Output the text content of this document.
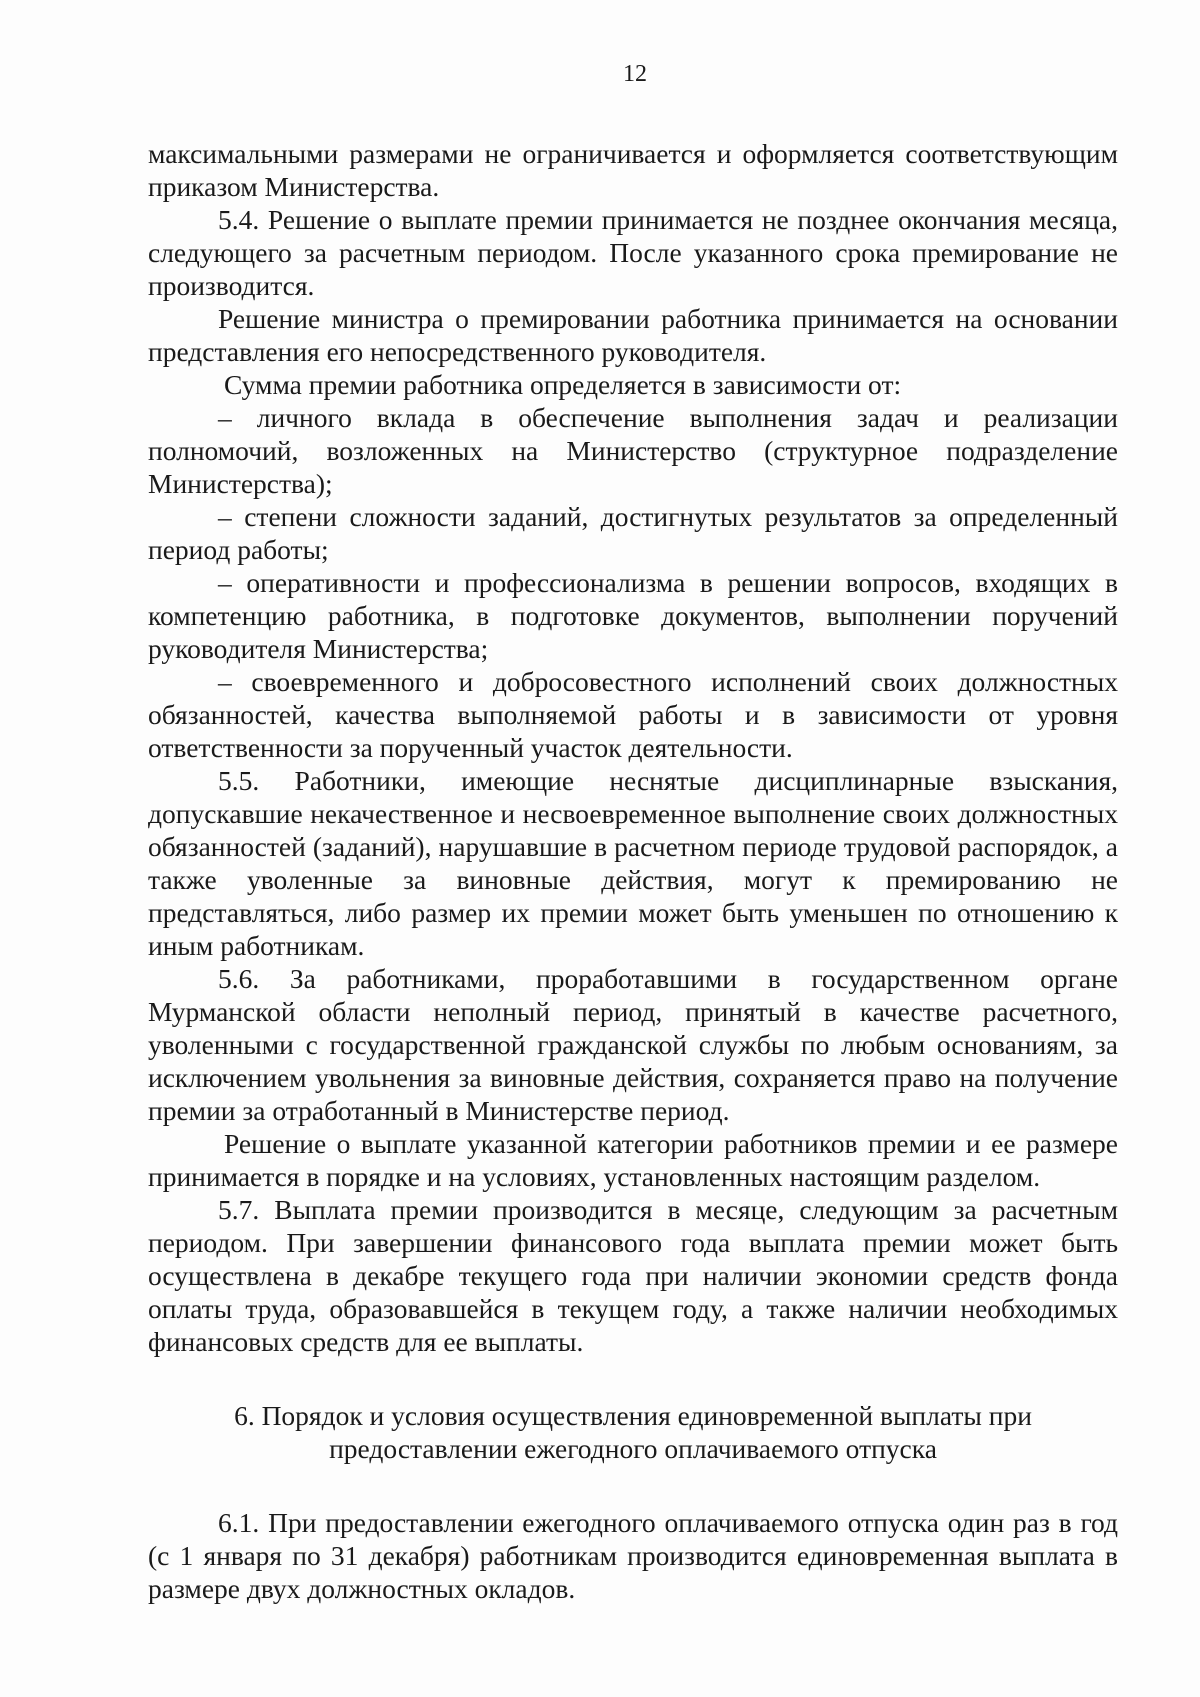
12

максимальными размерами не ограничивается и оформляется соответствующим приказом Министерства.

5.4. Решение о выплате премии принимается не позднее окончания месяца, следующего за расчетным периодом. После указанного срока премирование не производится.

Решение министра о премировании работника принимается на основании представления его непосредственного руководителя.

Сумма премии работника определяется в зависимости от:

– личного вклада в обеспечение выполнения задач и реализации полномочий, возложенных на Министерство (структурное подразделение Министерства);

– степени сложности заданий, достигнутых результатов за определенный период работы;

– оперативности и профессионализма в решении вопросов, входящих в компетенцию работника, в подготовке документов, выполнении поручений руководителя Министерства;

– своевременного и добросовестного исполнений своих должностных обязанностей, качества выполняемой работы и в зависимости от уровня ответственности за порученный участок деятельности.

5.5. Работники, имеющие неснятые дисциплинарные взыскания, допускавшие некачественное и несвоевременное выполнение своих должностных обязанностей (заданий), нарушавшие в расчетном периоде трудовой распорядок, а также уволенные за виновные действия, могут к премированию не представляться, либо размер их премии может быть уменьшен по отношению к иным работникам.

5.6. За работниками, проработавшими в государственном органе Мурманской области неполный период, принятый в качестве расчетного, уволенными с государственной гражданской службы по любым основаниям, за исключением увольнения за виновные действия, сохраняется право на получение премии за отработанный в Министерстве период.

Решение о выплате указанной категории работников премии и ее размере принимается в порядке и на условиях, установленных настоящим разделом.

5.7. Выплата премии производится в месяце, следующим за расчетным периодом. При завершении финансового года выплата премии может быть осуществлена в декабре текущего года при наличии экономии средств фонда оплаты труда, образовавшейся в текущем году, а также наличии необходимых финансовых средств для ее выплаты.

6. Порядок и условия осуществления единовременной выплаты при
предоставлении ежегодного оплачиваемого отпуска

6.1. При предоставлении ежегодного оплачиваемого отпуска один раз в год (с 1 января по 31 декабря) работникам производится единовременная выплата в размере двух должностных окладов.
